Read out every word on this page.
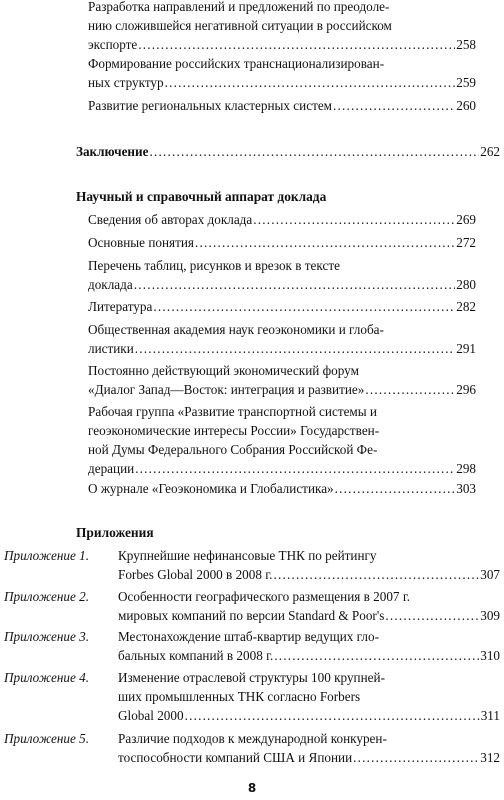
Разработка направлений и предложений по преодоле-
нию сложившейся негативной ситуации в российском
экспорте .....	258
Формирование российских транснационализирован-
ных структур .....	259
Развитие региональных кластерных систем .....	260
Заключение .....	262
Научный и справочный аппарат доклада
Сведения об авторах доклада .....	269
Основные понятия .....	272
Перечень таблиц, рисунков и врезок в тексте
доклада .....	280
Литература .....	282
Общественная академия наук геоэкономики и глоба-
листики .....	291
Постоянно действующий экономический форум
«Диалог Запад—Восток: интеграция и развитие» .....	296
Рабочая группа «Развитие транспортной системы и
геоэкономические интересы России» Государствен-
ной Думы Федерального Собрания Российской Фе-
дерации .....	298
О журнале «Геоэкономика и Глобалистика» .....	303
Приложения
Приложение 1. Крупнейшие нефинансовые ТНК по рейтингу
Forbes Global 2000 в 2008 г. .....	307
Приложение 2. Особенности географического размещения в 2007 г.
мировых компаний по версии Standard & Poor's .....	309
Приложение 3. Местонахождение штаб-квартир ведущих гло-
бальных компаний в 2008 г. .....	310
Приложение 4. Изменение отраслевой структуры 100 крупней-
ших промышленных ТНК согласно Forbers
Global 2000 .....	311
Приложение 5. Различие подходов к международной конкурен-
тоспособности компаний США и Японии .....	312
8
